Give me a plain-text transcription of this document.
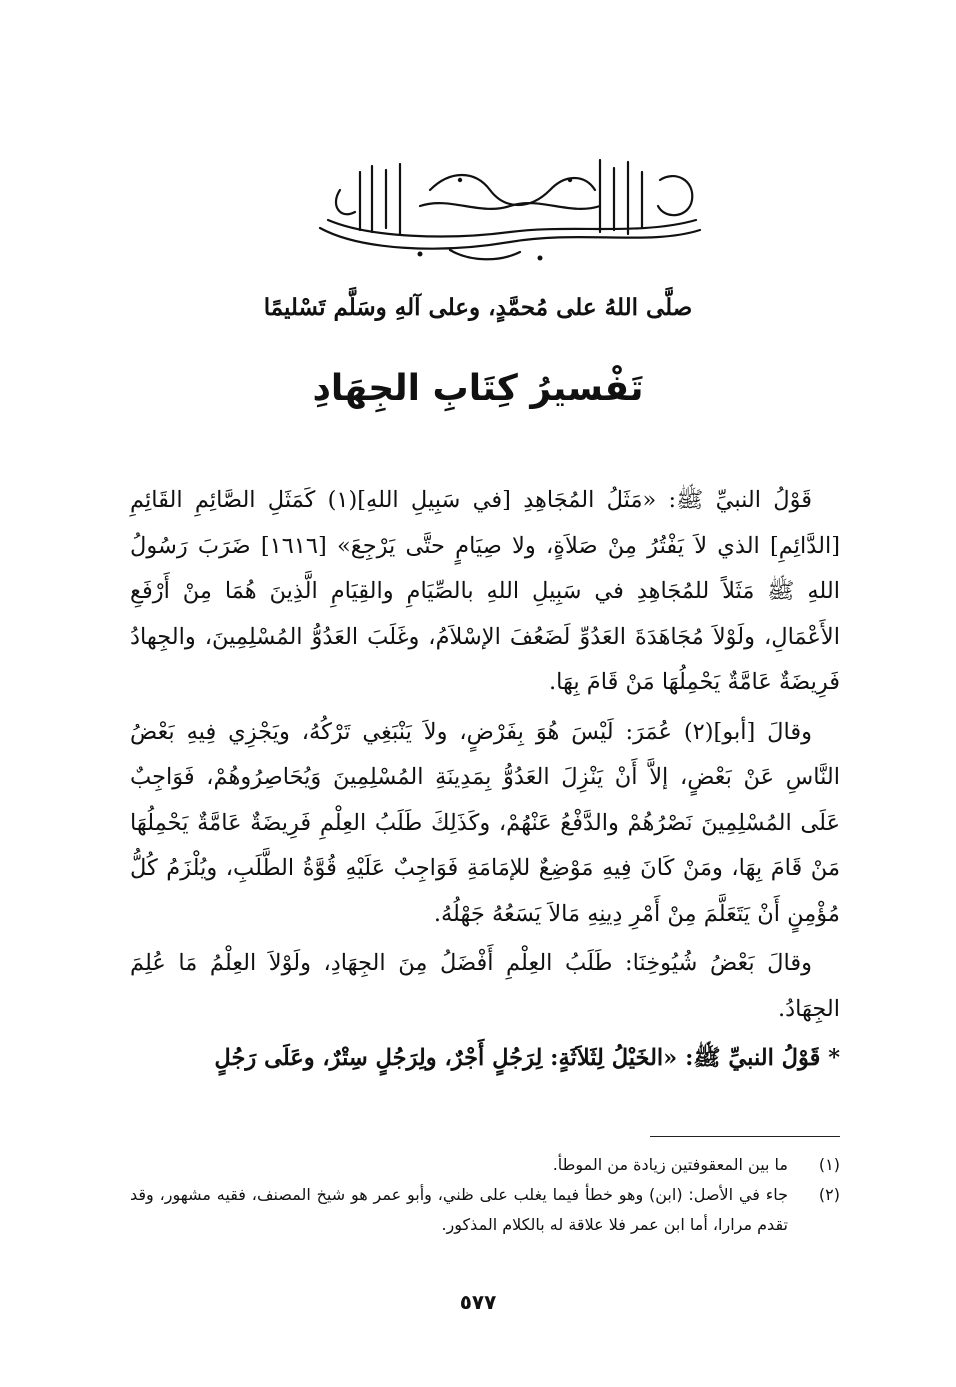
صلَّى اللهُ على مُحمَّدٍ، وعلى آلهِ وسَلَّم تَسْليمًا
تَفْسيرُ كِتَابِ الجِهَادِ

قَوْلُ النبيِّ ﷺ: «مَثَلُ المُجَاهِدِ [في سَبِيلِ اللهِ](١) كَمَثَلِ الصَّائِمِ القَائِمِ [الدَّائِمِ] الذي لاَ يَفْتُرُ مِنْ صَلاَةٍ، ولا صِيَامٍ حتَّى يَرْجِعَ» [١٦١٦] ضَرَبَ رَسُولُ اللهِ ﷺ مَثَلاً للمُجَاهِدِ في سَبِيلِ اللهِ بالصِّيَامِ والقِيَامِ الَّذِينَ هُمَا مِنْ أَرْفَعِ الأَعْمَالِ، ولَوْلاَ مُجَاهَدَةَ العَدُوِّ لَضَعُفَ الإسْلاَمُ، وغَلَبَ العَدُوُّ المُسْلِمِينَ، والجِهادُ فَرِيضَةٌ عَامَّةٌ يَحْمِلُهَا مَنْ قَامَ بِهَا.

وقالَ [أبو](٢) عُمَرَ: لَيْسَ هُوَ بِفَرْضٍ، ولاَ يَنْبَغِي تَرْكُهُ، ويَجْزِي فِيهِ بَعْضُ النَّاسِ عَنْ بَعْضٍ، إلاَّ أَنْ يَنْزِلَ العَدُوُّ بِمَدِينَةِ المُسْلِمِينَ وَيُحَاصِرُوهُمْ، فَوَاجِبٌ عَلَى المُسْلِمِينَ نَصْرُهُمْ والدَّفْعُ عَنْهُمْ، وكَذَلِكَ طَلَبُ العِلْمِ فَرِيضَةٌ عَامَّةٌ يَحْمِلُهَا مَنْ قَامَ بِهَا، ومَنْ كَانَ فِيهِ مَوْضِعٌ للإمَامَةِ فَوَاجِبٌ عَلَيْهِ قُوَّةُ الطَّلَبِ، ويُلْزَمُ كُلُّ مُؤْمِنٍ أَنْ يَتَعَلَّمَ مِنْ أَمْرِ دِينِهِ مَالاَ يَسَعُهُ جَهْلُهُ.

وقالَ بَعْضُ شُيُوخِنَا: طَلَبُ العِلْمِ أَفْضَلُ مِنَ الجِهَادِ، ولَوْلاَ العِلْمُ مَا عُلِمَ الجِهَادُ.

* قَوْلُ النبيِّ ﷺ: «الخَيْلُ لِثَلاَثَةٍ: لِرَجُلٍ أَجْرٌ، ولِرَجُلٍ سِتْرٌ، وعَلَى رَجُلٍ

(١)
ما بين المعقوفتين زيادة من الموطأ.
(٢)
جاء في الأصل: (ابن) وهو خطأ فيما يغلب على ظني، وأبو عمر هو شيخ المصنف، فقيه مشهور، وقد تقدم مرارا، أما ابن عمر فلا علاقة له بالكلام المذكور.
٥٧٧
